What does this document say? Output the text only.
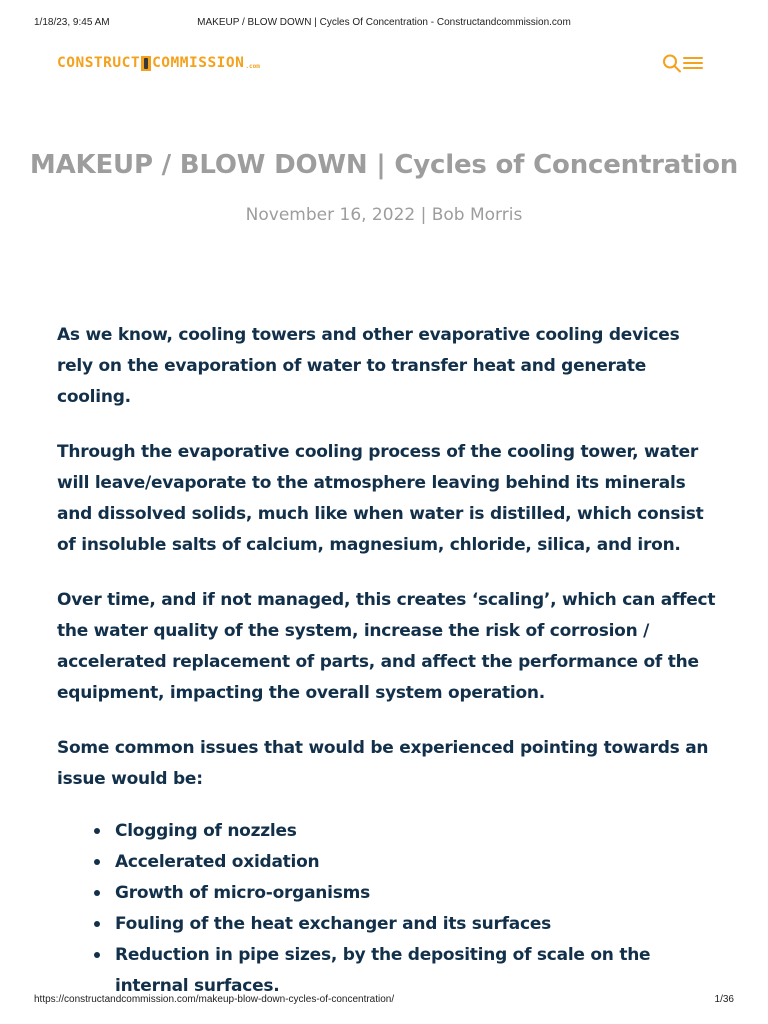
1/18/23, 9:45 AM	MAKEUP / BLOW DOWN | Cycles Of Concentration - Constructandcommission.com
CONSTRUCT COMMISSION .com
MAKEUP / BLOW DOWN | Cycles of Concentration
November 16, 2022 | Bob Morris

As we know, cooling towers and other evaporative cooling devices rely on the evaporation of water to transfer heat and generate cooling.

Through the evaporative cooling process of the cooling tower, water will leave/evaporate to the atmosphere leaving behind its minerals and dissolved solids, much like when water is distilled, which consist of insoluble salts of calcium, magnesium, chloride, silica, and iron.

Over time, and if not managed, this creates ‘scaling’, which can affect the water quality of the system, increase the risk of corrosion / accelerated replacement of parts, and affect the performance of the equipment, impacting the overall system operation.

Some common issues that would be experienced pointing towards an issue would be:

Clogging of nozzles
Accelerated oxidation
Growth of micro-organisms
Fouling of the heat exchanger and its surfaces
Reduction in pipe sizes, by the depositing of scale on the internal surfaces.
https://constructandcommission.com/makeup-blow-down-cycles-of-concentration/	1/36
